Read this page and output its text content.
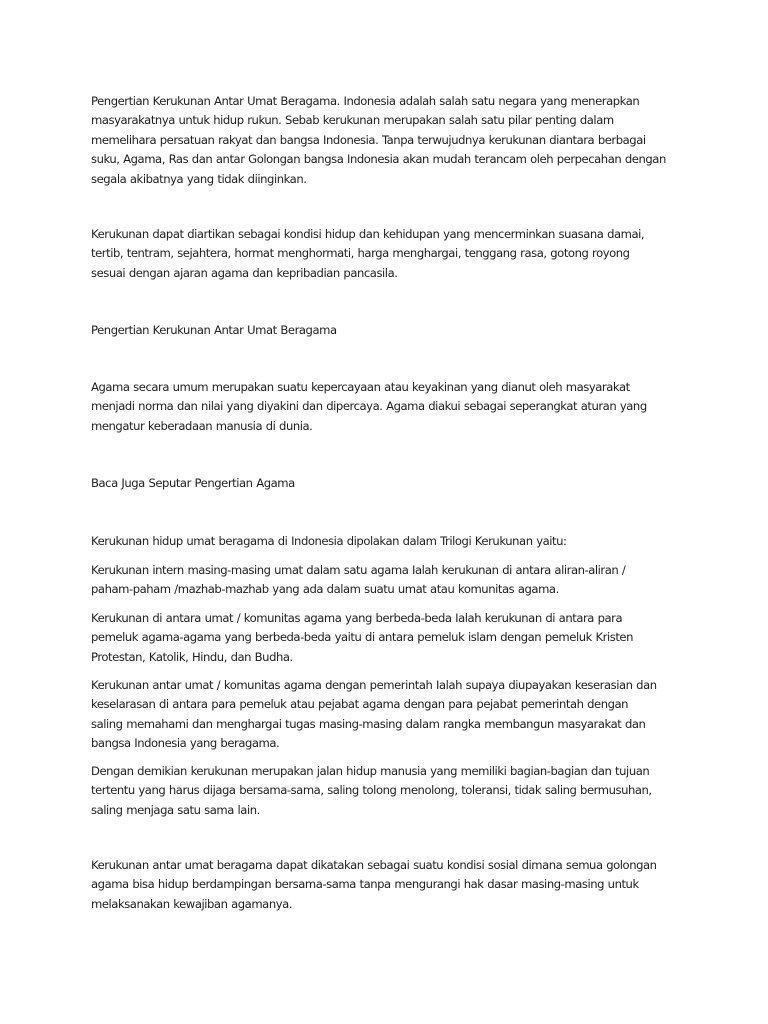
Pengertian Kerukunan Antar Umat Beragama. Indonesia adalah salah satu negara yang menerapkan
masyarakatnya untuk hidup rukun. Sebab kerukunan merupakan salah satu pilar penting dalam
memelihara persatuan rakyat dan bangsa Indonesia. Tanpa terwujudnya kerukunan diantara berbagai
suku, Agama, Ras dan antar Golongan bangsa Indonesia akan mudah terancam oleh perpecahan dengan
segala akibatnya yang tidak diinginkan.

Kerukunan dapat diartikan sebagai kondisi hidup dan kehidupan yang mencerminkan suasana damai,
tertib, tentram, sejahtera, hormat menghormati, harga menghargai, tenggang rasa, gotong royong
sesuai dengan ajaran agama dan kepribadian pancasila.

Pengertian Kerukunan Antar Umat Beragama

Agama secara umum merupakan suatu kepercayaan atau keyakinan yang dianut oleh masyarakat
menjadi norma dan nilai yang diyakini dan dipercaya. Agama diakui sebagai seperangkat aturan yang
mengatur keberadaan manusia di dunia.

Baca Juga Seputar Pengertian Agama

Kerukunan hidup umat beragama di Indonesia dipolakan dalam Trilogi Kerukunan yaitu:

Kerukunan intern masing-masing umat dalam satu agama Ialah kerukunan di antara aliran-aliran /
paham-paham /mazhab-mazhab yang ada dalam suatu umat atau komunitas agama.

Kerukunan di antara umat / komunitas agama yang berbeda-beda Ialah kerukunan di antara para
pemeluk agama-agama yang berbeda-beda yaitu di antara pemeluk islam dengan pemeluk Kristen
Protestan, Katolik, Hindu, dan Budha.

Kerukunan antar umat / komunitas agama dengan pemerintah Ialah supaya diupayakan keserasian dan
keselarasan di antara para pemeluk atau pejabat agama dengan para pejabat pemerintah dengan
saling memahami dan menghargai tugas masing-masing dalam rangka membangun masyarakat dan
bangsa Indonesia yang beragama.

Dengan demikian kerukunan merupakan jalan hidup manusia yang memiliki bagian-bagian dan tujuan
tertentu yang harus dijaga bersama-sama, saling tolong menolong, toleransi, tidak saling bermusuhan,
saling menjaga satu sama lain.

Kerukunan antar umat beragama dapat dikatakan sebagai suatu kondisi sosial dimana semua golongan
agama bisa hidup berdampingan bersama-sama tanpa mengurangi hak dasar masing-masing untuk
melaksanakan kewajiban agamanya.
